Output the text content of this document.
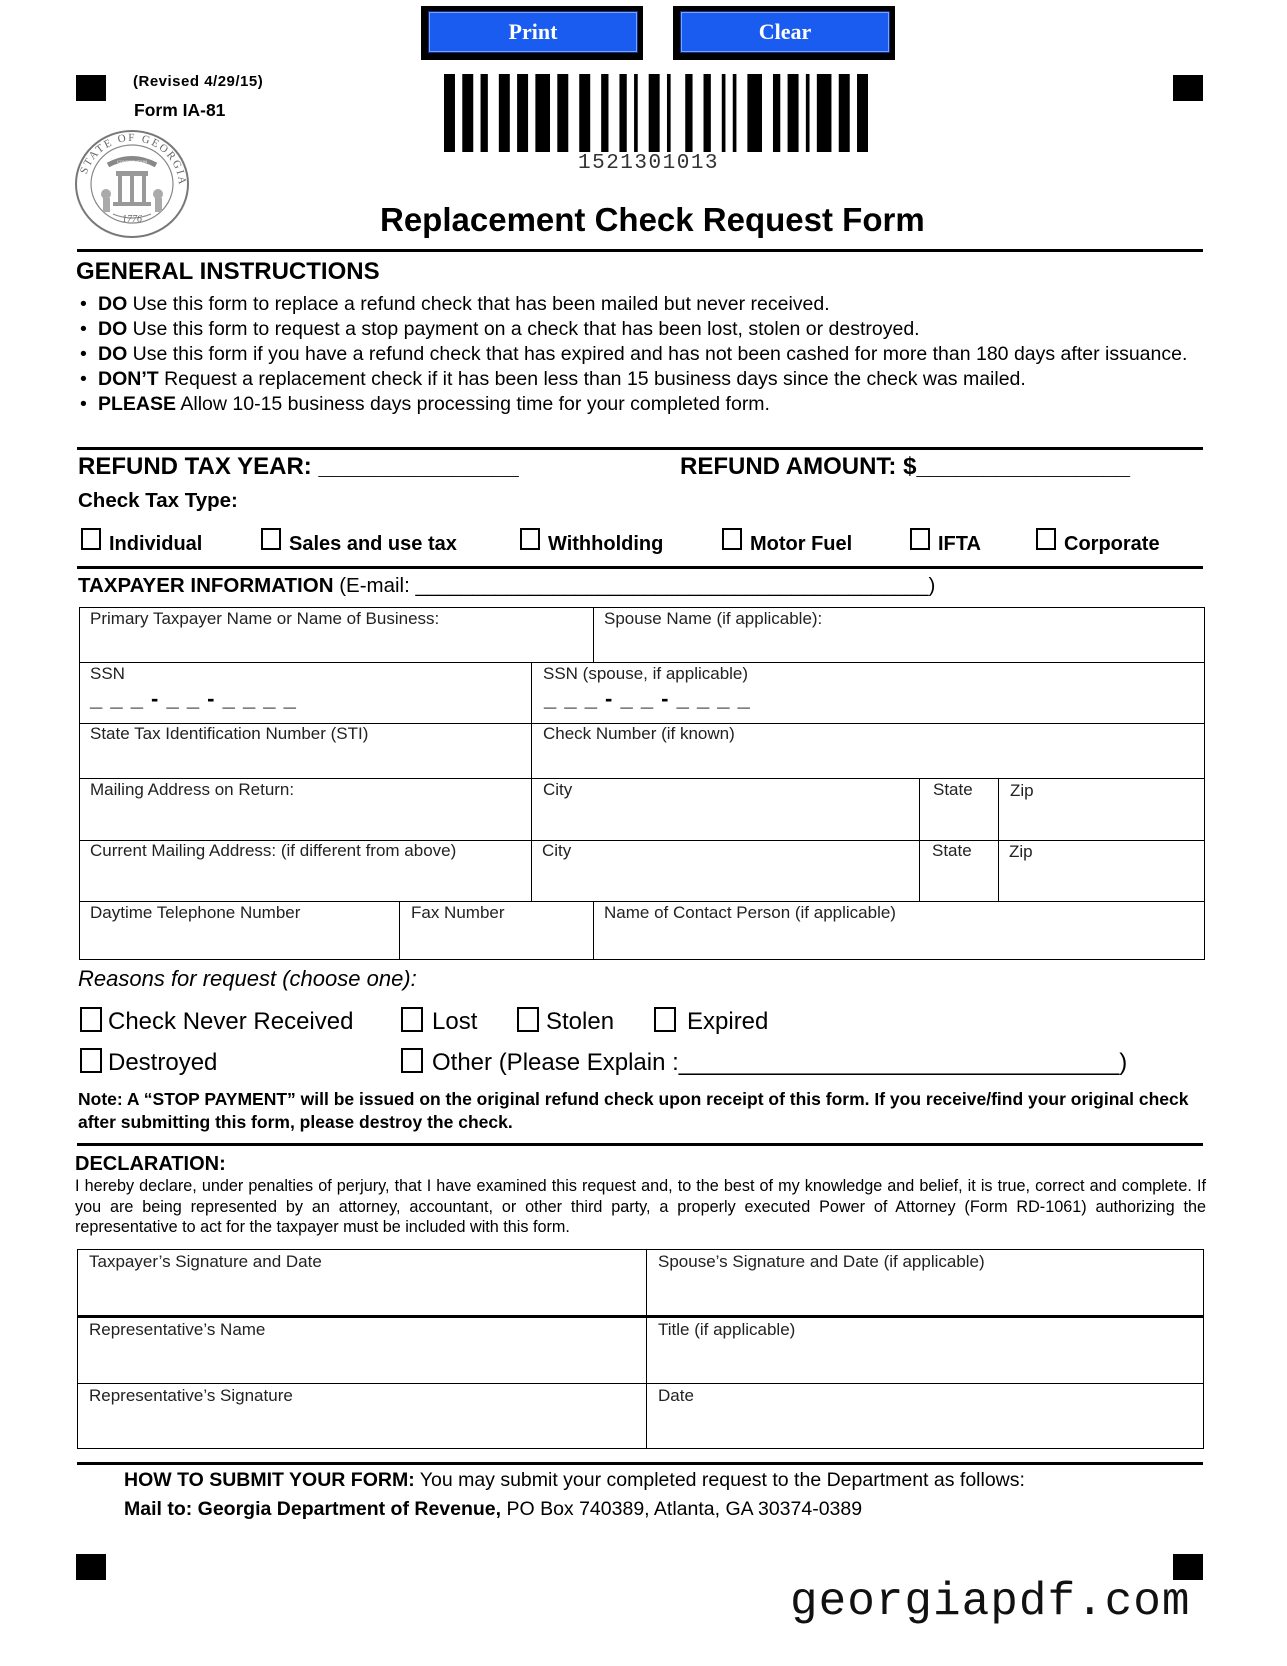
Print	Clear
(Revised 4/29/15)
Form IA-81
1521301013
STATE OF GEORGIA
CONSTITUTION
1776	Replacement Check Request Form
GENERAL INSTRUCTIONS
• DO Use this form to replace a refund check that has been mailed but never received.
• DO Use this form to request a stop payment on a check that has been lost, stolen or destroyed.
• DO Use this form if you have a refund check that has expired and has not been cashed for more than 180 days after issuance.
• DON’T Request a replacement check if it has been less than 15 business days since the check was mailed.
• PLEASE Allow 10-15 business days processing time for your completed form.
REFUND TAX YEAR: _______________	REFUND AMOUNT: $________________
Check Tax Type:
Individual	Sales and use tax	Withholding	Motor Fuel	IFTA	Corporate
TAXPAYER INFORMATION (E-mail: _____________________________________________)
Primary Taxpayer Name or Name of Business:	Spouse Name (if applicable):
SSN
_ _ _ - _ _ - _ _ _ _
SSN (spouse, if applicable)
_ _ _ - _ _ - _ _ _ _
State Tax Identification Number (STI)	Check Number (if known)
Mailing Address on Return:	City	State Zip
Current Mailing Address: (if different from above)	City	State Zip
Daytime Telephone Number	Fax Number	Name of Contact Person (if applicable)
Reasons for request (choose one):
Check Never Received	Lost	Stolen	Expired
Destroyed	Other (Please Explain :_________________________________)
Note: A “STOP PAYMENT” will be issued on the original refund check upon receipt of this form. If you receive/find your original check after submitting this form, please destroy the check.
DECLARATION:
I hereby declare, under penalties of perjury, that I have examined this request and, to the best of my knowledge and belief, it is true, correct and complete. If you are being represented by an attorney, accountant, or other third party, a properly executed Power of Attorney (Form RD-1061) authorizing the representative to act for the taxpayer must be included with this form.
Taxpayer’s Signature and Date	Spouse’s Signature and Date (if applicable)
Representative’s Name	Title (if applicable)
Representative’s Signature	Date
HOW TO SUBMIT YOUR FORM: You may submit your completed request to the Department as follows:
Mail to: Georgia Department of Revenue, PO Box 740389, Atlanta, GA 30374-0389
georgiapdf.com
